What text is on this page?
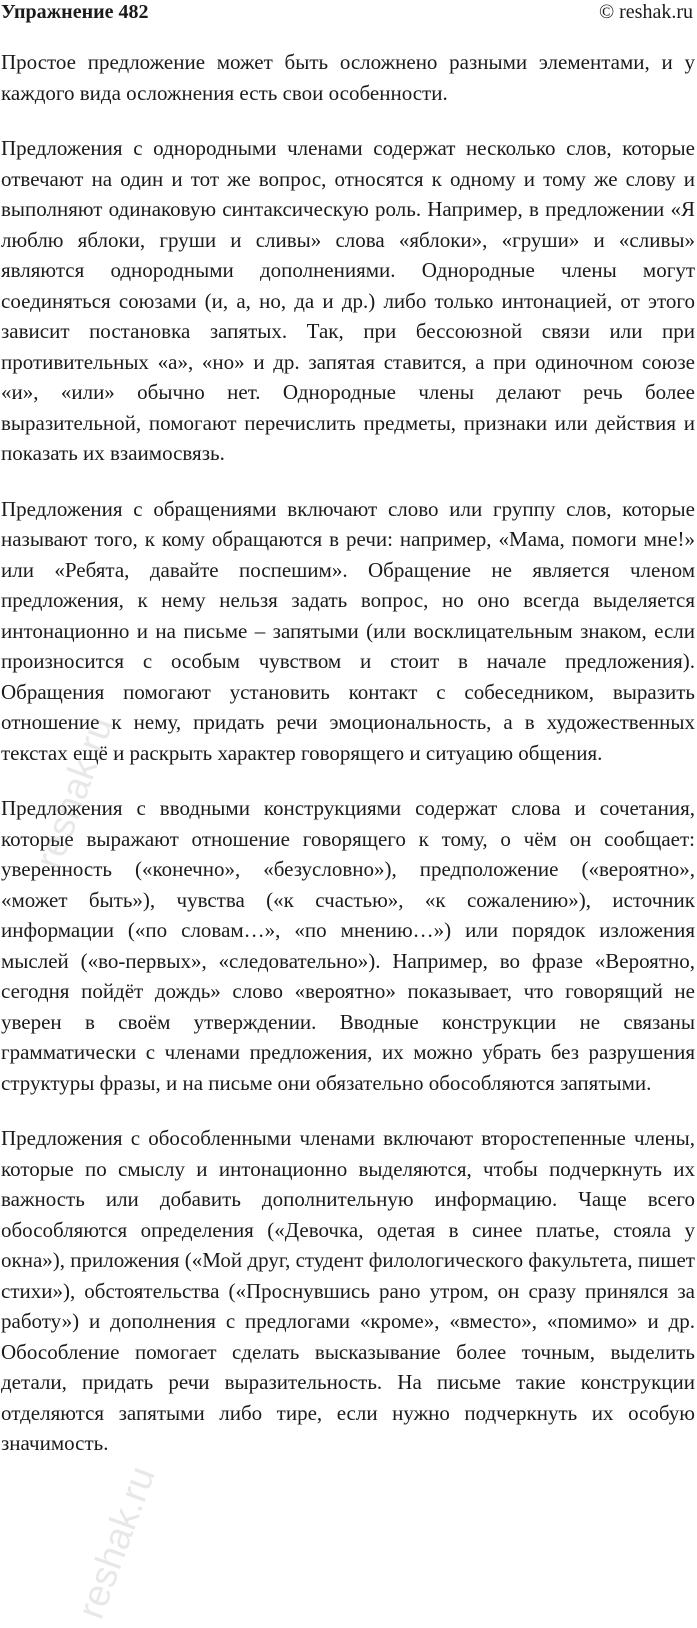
Упражнение 482	© reshak.ru

Простое предложение может быть осложнено разными элементами, и у каждого вида осложнения есть свои особенности.

Предложения с однородными членами содержат несколько слов, которые отвечают на один и тот же вопрос, относятся к одному и тому же слову и выполняют одинаковую синтаксическую роль. Например, в предложении «Я люблю яблоки, груши и сливы» слова «яблоки», «груши» и «сливы» являются однородными дополнениями. Однородные члены могут соединяться союзами (и, а, но, да и др.) либо только интонацией, от этого зависит постановка запятых. Так, при бессоюзной связи или при противительных «а», «но» и др. запятая ставится, а при одиночном союзе «и», «или» обычно нет. Однородные члены делают речь более выразительной, помогают перечислить предметы, признаки или действия и показать их взаимосвязь.

Предложения с обращениями включают слово или группу слов, которые называют того, к кому обращаются в речи: например, «Мама, помоги мне!» или «Ребята, давайте поспешим». Обращение не является членом предложения, к нему нельзя задать вопрос, но оно всегда выделяется интонационно и на письме – запятыми (или восклицательным знаком, если произносится с особым чувством и стоит в начале предложения). Обращения помогают установить контакт с собеседником, выразить отношение к нему, придать речи эмоциональность, а в художественных текстах ещё и раскрыть характер говорящего и ситуацию общения.

Предложения с вводными конструкциями содержат слова и сочетания, которые выражают отношение говорящего к тому, о чём он сообщает: уверенность («конечно», «безусловно»), предположение («вероятно», «может быть»), чувства («к счастью», «к сожалению»), источник информации («по словам…», «по мнению…») или порядок изложения мыслей («во-первых», «следовательно»). Например, во фразе «Вероятно, сегодня пойдёт дождь» слово «вероятно» показывает, что говорящий не уверен в своём утверждении. Вводные конструкции не связаны грамматически с членами предложения, их можно убрать без разрушения структуры фразы, и на письме они обязательно обособляются запятыми.

Предложения с обособленными членами включают второстепенные члены, которые по смыслу и интонационно выделяются, чтобы подчеркнуть их важность или добавить дополнительную информацию. Чаще всего обособляются определения («Девочка, одетая в синее платье, стояла у окна»), приложения («Мой друг, студент филологического факультета, пишет стихи»), обстоятельства («Проснувшись рано утром, он сразу принялся за работу») и дополнения с предлогами «кроме», «вместо», «помимо» и др. Обособление помогает сделать высказывание более точным, выделить детали, придать речи выразительность. На письме такие конструкции отделяются запятыми либо тире, если нужно подчеркнуть их особую значимость.

reshak.ru
reshak.ru
